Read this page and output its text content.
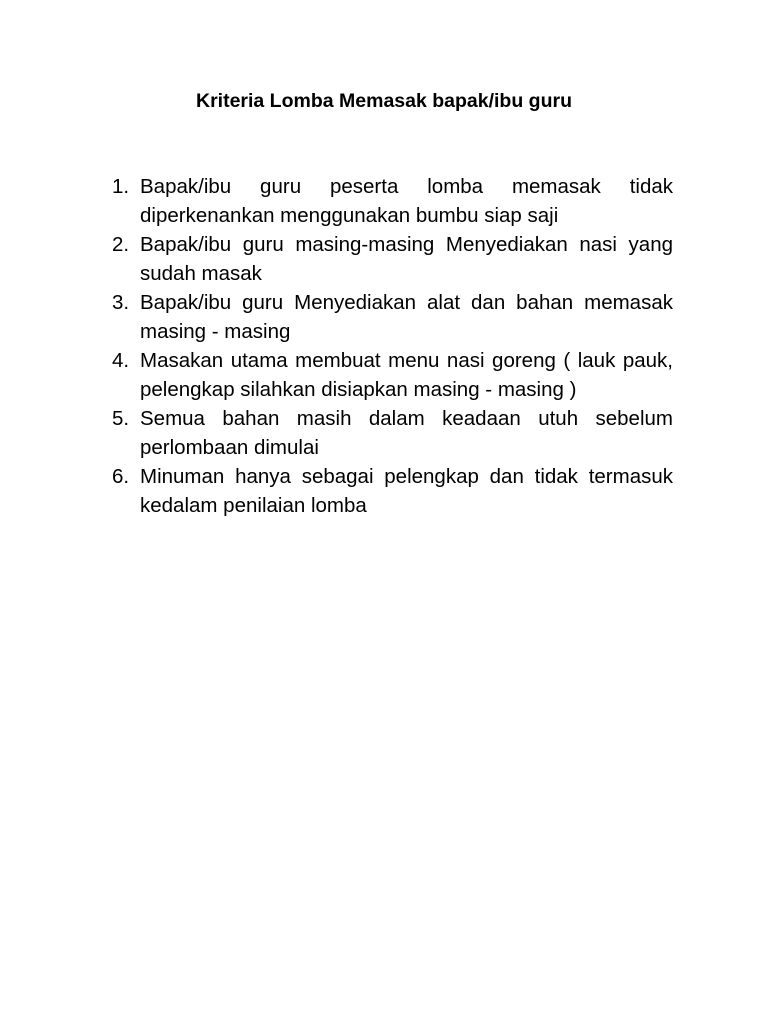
Kriteria Lomba Memasak bapak/ibu guru
1. Bapak/ibu guru peserta lomba memasak tidak diperkenankan menggunakan bumbu siap saji
2. Bapak/ibu guru masing-masing Menyediakan nasi yang sudah masak
3. Bapak/ibu guru Menyediakan alat dan bahan memasak masing - masing
4. Masakan utama membuat menu nasi goreng ( lauk pauk, pelengkap silahkan disiapkan masing - masing )
5. Semua bahan masih dalam keadaan utuh sebelum perlombaan dimulai
6. Minuman hanya sebagai pelengkap dan tidak termasuk kedalam penilaian lomba
